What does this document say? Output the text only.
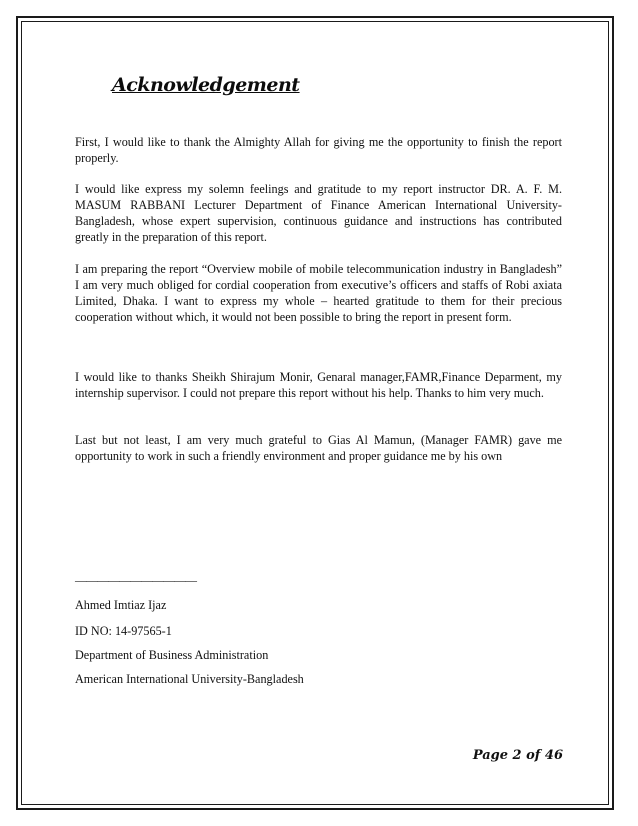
Acknowledgement

First, I would like to thank the Almighty Allah for giving me the opportunity to finish the report properly.

I would like express my solemn feelings and gratitude to my report instructor DR. A. F. M. MASUM RABBANI Lecturer Department of Finance American International University-Bangladesh, whose expert supervision, continuous guidance and instructions has contributed greatly in the preparation of this report.

I am preparing the report “Overview mobile of mobile telecommunication industry in Bangladesh” I am very much obliged for cordial cooperation from executive’s officers and staffs of Robi axiata Limited, Dhaka. I want to express my whole – hearted gratitude to them for their precious cooperation without which, it would not been possible to bring the report in present form.

I would like to thanks Sheikh Shirajum Monir, Genaral manager,FAMR,Finance Deparment, my internship supervisor. I could not prepare this report without his help. Thanks to him very much.

Last but not least, I am very much grateful to Gias Al Mamun, (Manager FAMR) gave me opportunity to work in such a friendly environment and proper guidance me by his own

———————————

Ahmed Imtiaz Ijaz

ID NO: 14-97565-1

Department of Business Administration

American International University-Bangladesh

Page 2 of 46
